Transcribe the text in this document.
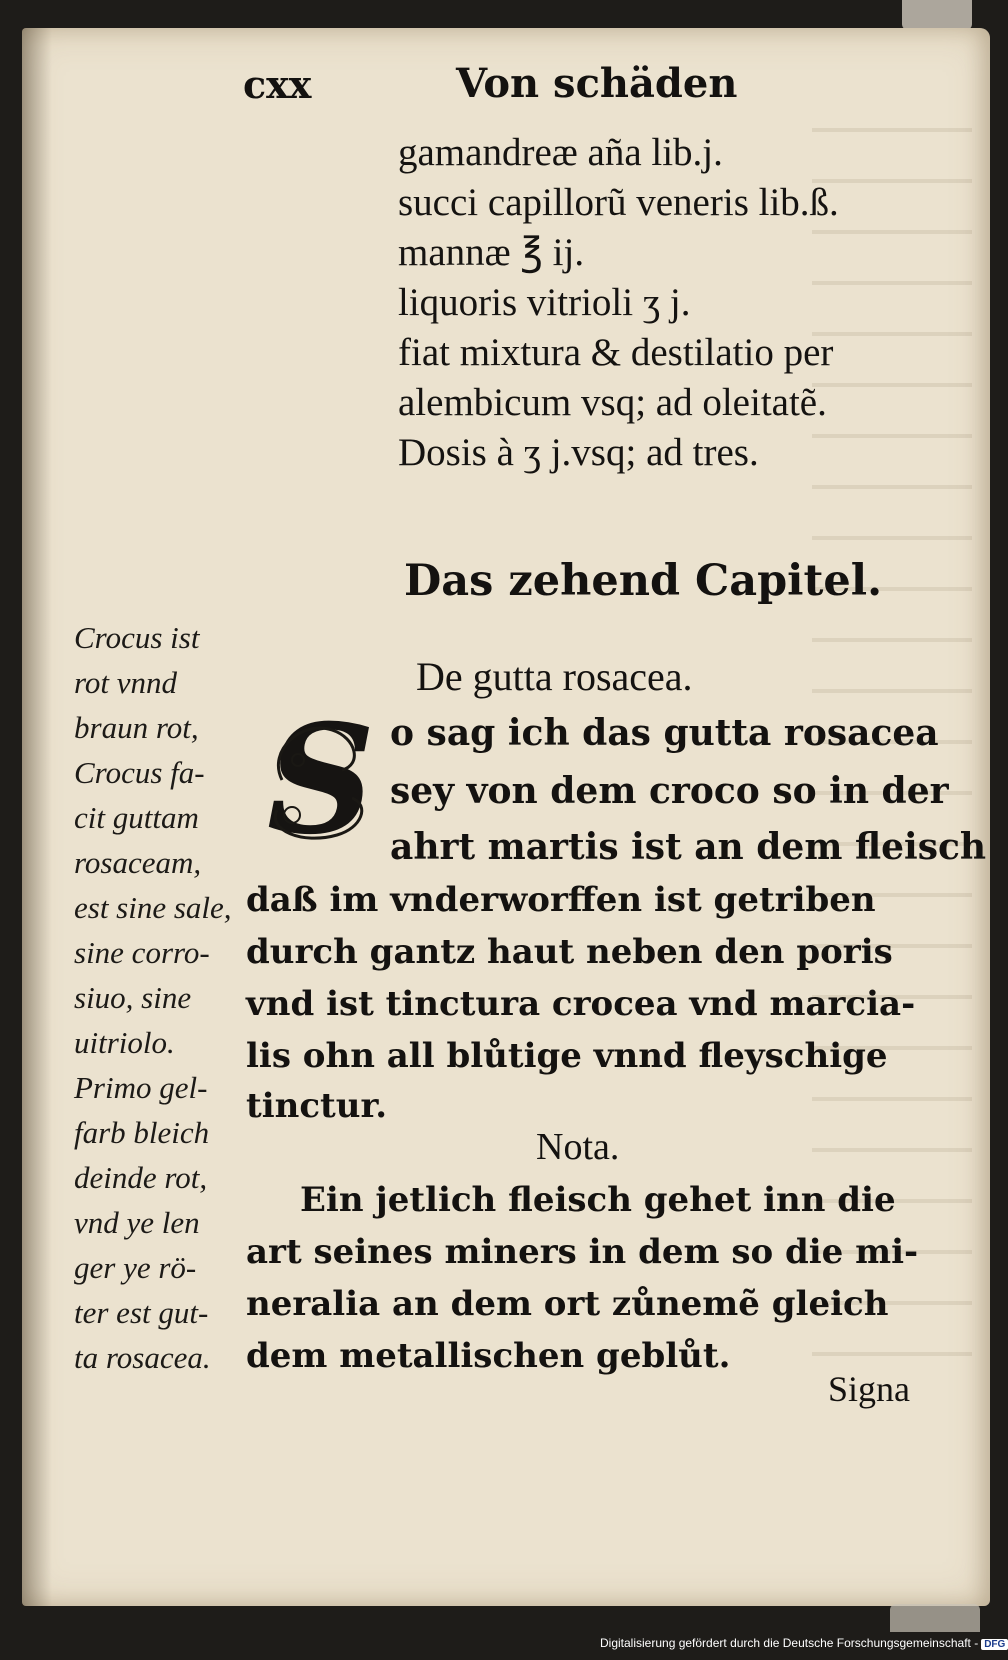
cxx	Von schäden
gamandreæ aña lib.j.
succi capillorũ veneris lib.ß.
mannæ ℥ ij.
liquoris vitrioli ʒ j.
fiat mixtura & destilatio per
alembicum vsq; ad oleitatẽ.
Dosis à ʒ j.vsq; ad tres.
Das zehend Capitel.
De gutta rosacea.
Crocus ist
rot vnnd
braun rot,
Crocus fa-
cit guttam
rosaceam,
est sine sale,
sine corro-
siuo, sine
uitriolo.
Primo gel-
farb bleich
deinde rot,
vnd ye len
ger ye rö-
ter est gut-
ta rosacea.
S o sag ich das gutta rosacea
sey von dem croco so in der
ahrt martis ist an dem fleisch
daß im vnderworffen ist getriben
durch gantz haut neben den poris
vnd ist tinctura crocea vnd marcia-
lis ohn all blůtige vnnd fleyschige
tinctur.
Nota.
Ein jetlich fleisch gehet inn die
art seines miners in dem so die mi-
neralia an dem ort zůnemẽ gleich
dem metallischen geblůt.
Signa
Digitalisierung gefördert durch die Deutsche Forschungsgemeinschaft - DFG
